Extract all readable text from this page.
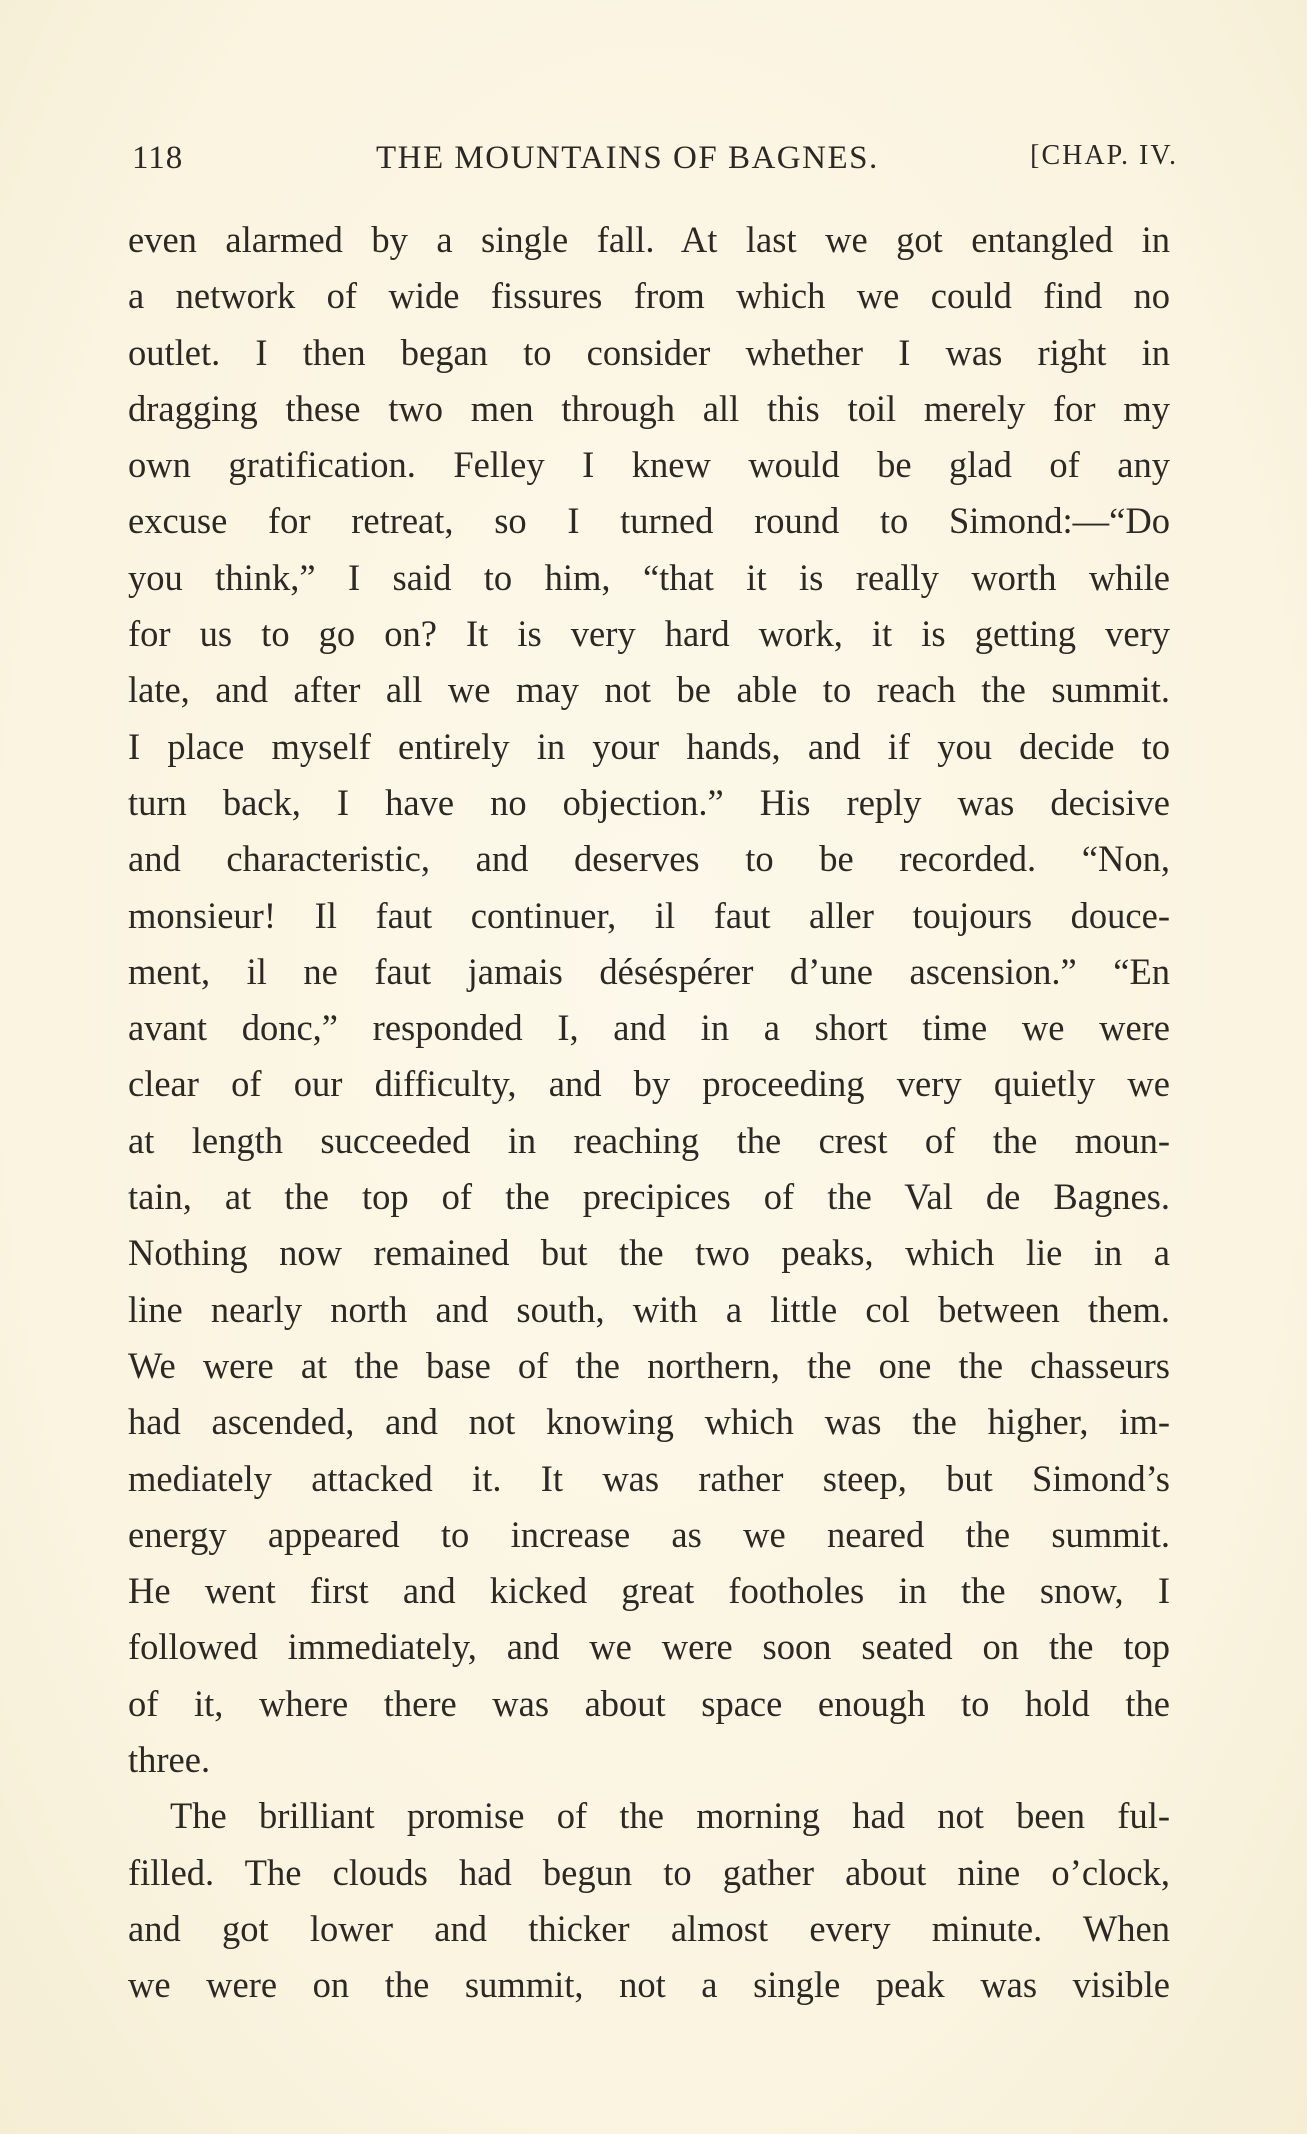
118	THE MOUNTAINS OF BAGNES.	[CHAP. IV.
even alarmed by a single fall. At last we got entangled in
a network of wide fissures from which we could find no
outlet. I then began to consider whether I was right in
dragging these two men through all this toil merely for my
own gratification. Felley I knew would be glad of any
excuse for retreat, so I turned round to Simond:—“Do
you think,” I said to him, “that it is really worth while
for us to go on? It is very hard work, it is getting very
late, and after all we may not be able to reach the summit.
I place myself entirely in your hands, and if you decide to
turn back, I have no objection.” His reply was decisive
and characteristic, and deserves to be recorded. “Non,
monsieur! Il faut continuer, il faut aller toujours douce-
ment, il ne faut jamais déséspérer d’une ascension.” “En
avant donc,” responded I, and in a short time we were
clear of our difficulty, and by proceeding very quietly we
at length succeeded in reaching the crest of the moun-
tain, at the top of the precipices of the Val de Bagnes.
Nothing now remained but the two peaks, which lie in a
line nearly north and south, with a little col between them.
We were at the base of the northern, the one the chasseurs
had ascended, and not knowing which was the higher, im-
mediately attacked it. It was rather steep, but Simond’s
energy appeared to increase as we neared the summit.
He went first and kicked great footholes in the snow, I
followed immediately, and we were soon seated on the top
of it, where there was about space enough to hold the
three.
The brilliant promise of the morning had not been ful-
filled. The clouds had begun to gather about nine o’clock,
and got lower and thicker almost every minute. When
we were on the summit, not a single peak was visible
